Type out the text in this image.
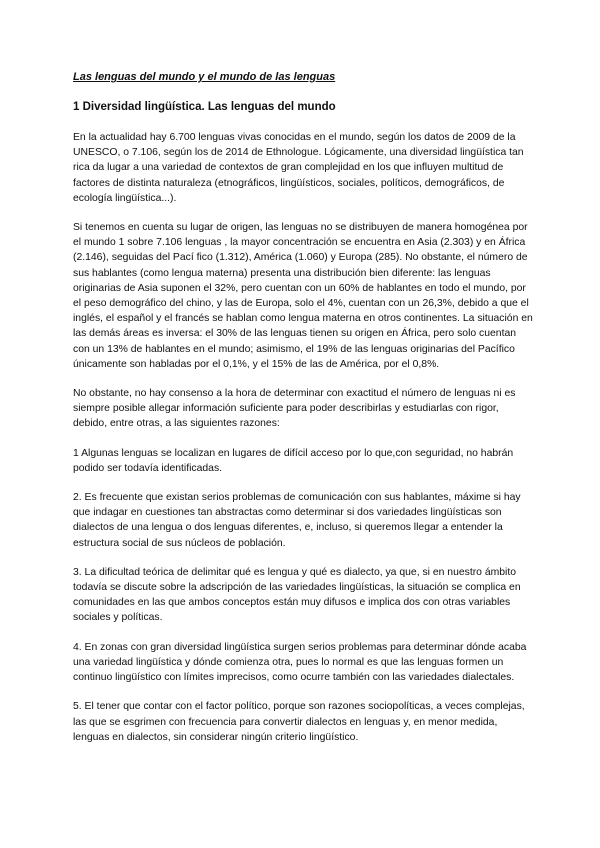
Las lenguas del mundo y el mundo de las lenguas
1 Diversidad lingüística. Las lenguas del mundo

En la actualidad hay 6.700 lenguas vivas conocidas en el mundo, según los datos de 2009 de la UNESCO, o 7.106, según los de 2014 de Ethnologue. Lógicamente, una diversidad lingüística tan rica da lugar a una variedad de contextos de gran complejidad en los que influyen multitud de factores de distinta naturaleza (etnográficos, lingüísticos, sociales, políticos, demográficos, de ecología lingüística...).

Si tenemos en cuenta su lugar de origen, las lenguas no se distribuyen de manera homogénea por el mundo 1 sobre 7.106 lenguas , la mayor concentración se encuentra en Asia (2.303) y en África (2.146), seguidas del Pací fico (1.312), América (1.060) y Europa (285). No obstante, el número de sus hablantes (como lengua materna) presenta una distribución bien diferente: las lenguas originarias de Asia suponen el 32%, pero cuentan con un 60% de hablantes en todo el mundo, por el peso demográfico del chino, y las de Europa, solo el 4%, cuentan con un 26,3%, debido a que el inglés, el español y el francés se hablan como lengua materna en otros continentes. La situación en las demás áreas es inversa: el 30% de las lenguas tienen su origen en África, pero solo cuentan con un 13% de hablantes en el mundo; asimismo, el 19% de las lenguas originarias del Pacífico únicamente son habladas por el 0,1%, y el 15% de las de América, por el 0,8%.

No obstante, no hay consenso a la hora de determinar con exactitud el número de lenguas ni es siempre posible allegar información suficiente para poder describirlas y estudiarlas con rigor, debido, entre otras, a las siguientes razones:

1 Algunas lenguas se localizan en lugares de difícil acceso por lo que,con seguridad, no habrán podido ser todavía identificadas.

2. Es frecuente que existan serios problemas de comunicación con sus hablantes, máxime si hay que indagar en cuestiones tan abstractas como determinar si dos variedades lingüísticas son dialectos de una lengua o dos lenguas diferentes, e, incluso, si queremos llegar a entender la estructura social de sus núcleos de población.

3. La dificultad teórica de delimitar qué es lengua y qué es dialecto, ya que, si en nuestro ámbito todavía se discute sobre la adscripción de las variedades lingüísticas, la situación se complica en comunidades en las que ambos conceptos están muy difusos e implica dos con otras variables sociales y políticas.

4. En zonas con gran diversidad lingüística surgen serios problemas para determinar dónde acaba una variedad lingüística y dónde comienza otra, pues lo normal es que las lenguas formen un continuo lingüístico con límites imprecisos, como ocurre también con las variedades dialectales.

5. El tener que contar con el factor político, porque son razones sociopolíticas, a veces complejas, las que se esgrimen con frecuencia para convertir dialectos en lenguas y, en menor medida, lenguas en dialectos, sin considerar ningún criterio lingüístico.
